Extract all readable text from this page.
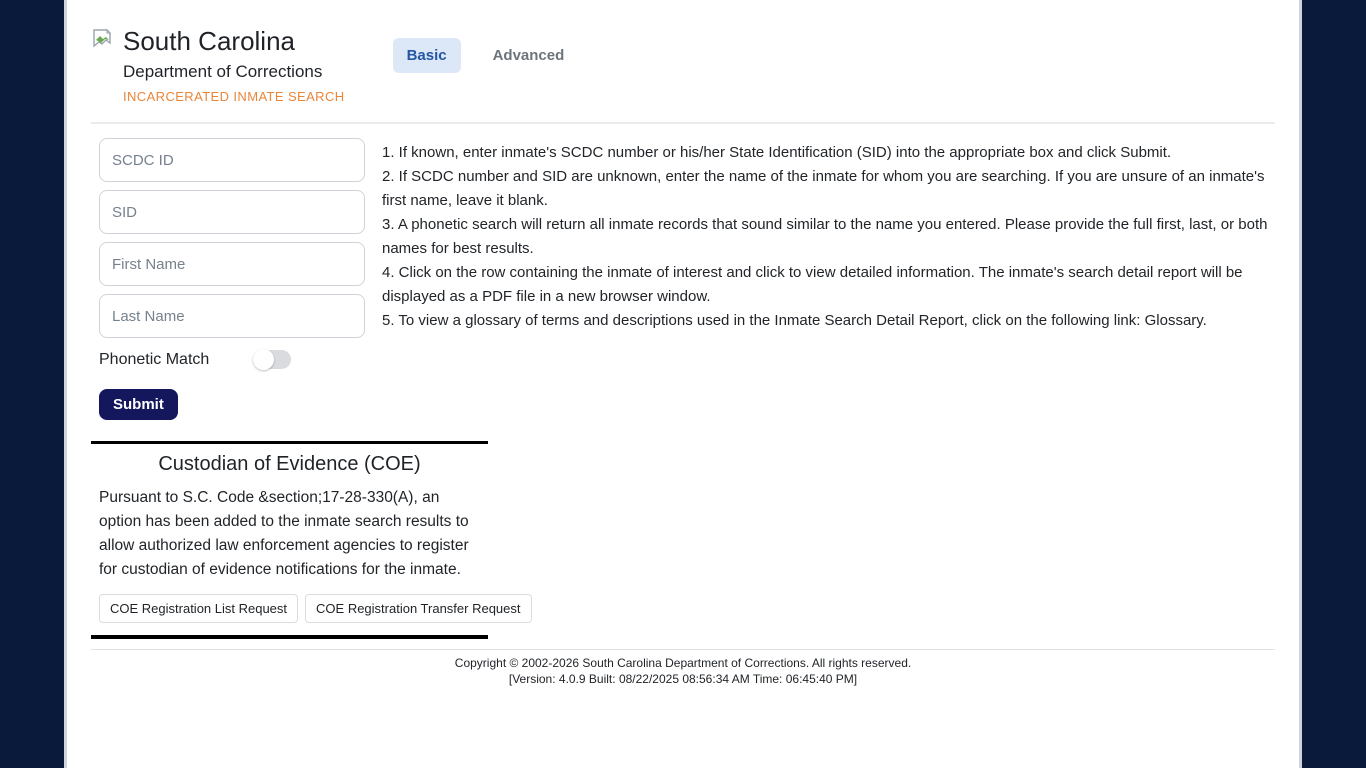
South Carolina
Department of Corrections
INCARCERATED INMATE SEARCH
Basic	Advanced
SCDC ID
SID
First Name
Last Name
Phonetic Match
Submit
1. If known, enter inmate's SCDC number or his/her State Identification (SID) into the appropriate box and click Submit.
2. If SCDC number and SID are unknown, enter the name of the inmate for whom you are searching. If you are unsure of an inmate's first name, leave it blank.
3. A phonetic search will return all inmate records that sound similar to the name you entered. Please provide the full first, last, or both names for best results.
4. Click on the row containing the inmate of interest and click to view detailed information. The inmate's search detail report will be displayed as a PDF file in a new browser window.
5. To view a glossary of terms and descriptions used in the Inmate Search Detail Report, click on the following link: Glossary.
Custodian of Evidence (COE)

Pursuant to S.C. Code &section;17-28-330(A), an option has been added to the inmate search results to allow authorized law enforcement agencies to register for custodian of evidence notifications for the inmate.

COE Registration List Request	COE Registration Transfer Request
Copyright © 2002-2026 South Carolina Department of Corrections. All rights reserved.
[Version: 4.0.9 Built: 08/22/2025 08:56:34 AM Time: 06:45:40 PM]
